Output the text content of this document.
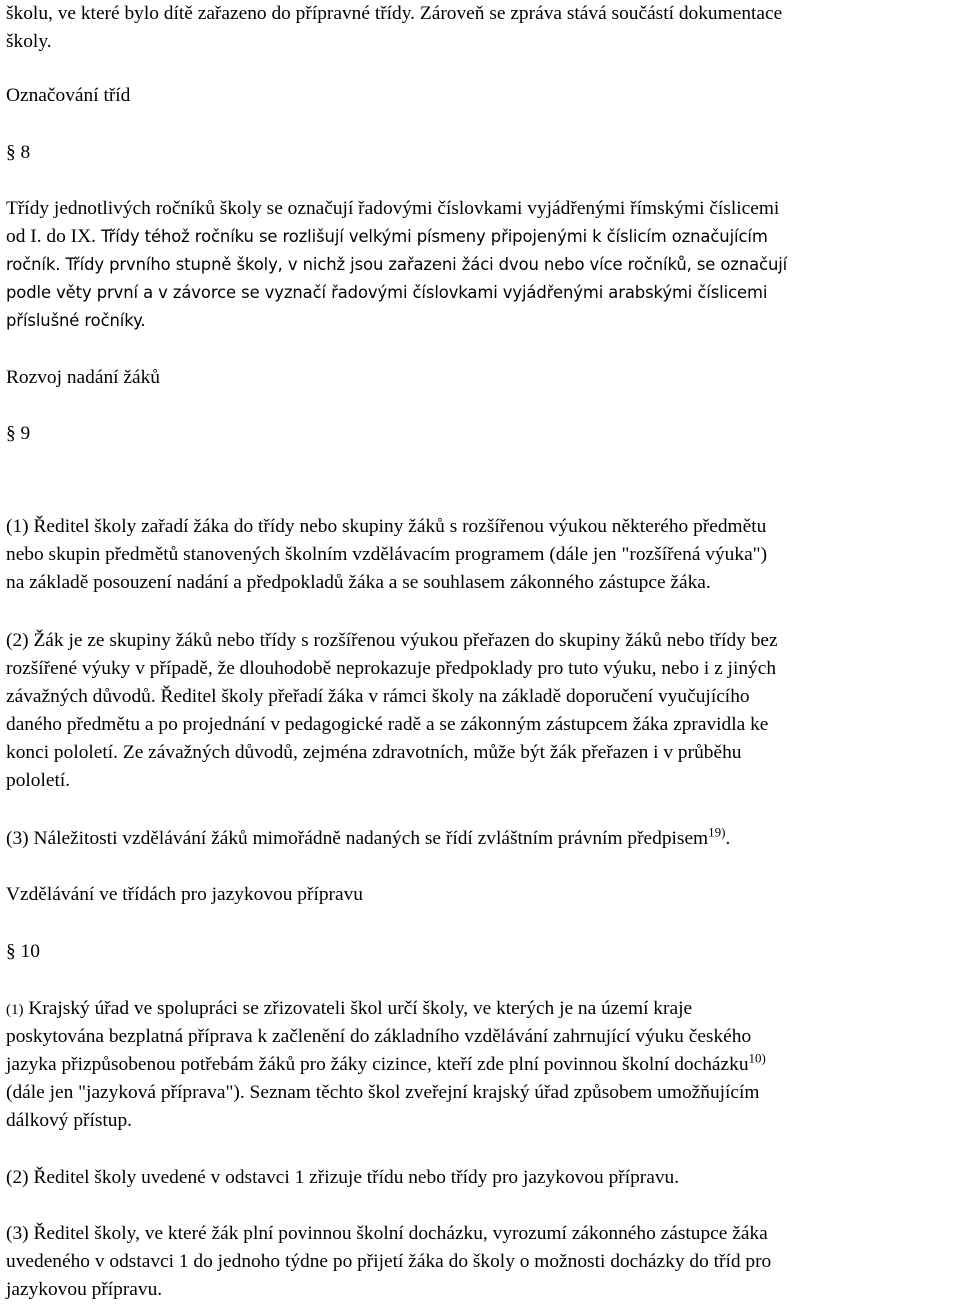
školu, ve které bylo dítě zařazeno do přípravné třídy. Zároveň se zpráva stává součástí dokumentace
školy.
Označování tříd
§ 8
Třídy jednotlivých ročníků školy se označují řadovými číslovkami vyjádřenými římskými číslicemi
od I. do IX. Třídy téhož ročníku se rozlišují velkými písmeny připojenými k číslicím označujícím
ročník. Třídy prvního stupně školy, v nichž jsou zařazeni žáci dvou nebo více ročníků, se označují
podle věty první a v závorce se vyznačí řadovými číslovkami vyjádřenými arabskými číslicemi
příslušné ročníky.
Rozvoj nadání žáků
§ 9
(1) Ředitel školy zařadí žáka do třídy nebo skupiny žáků s rozšířenou výukou některého předmětu
nebo skupin předmětů stanovených školním vzdělávacím programem (dále jen "rozšířená výuka")
na základě posouzení nadání a předpokladů žáka a se souhlasem zákonného zástupce žáka.
(2) Žák je ze skupiny žáků nebo třídy s rozšířenou výukou přeřazen do skupiny žáků nebo třídy bez
rozšířené výuky v případě, že dlouhodobě neprokazuje předpoklady pro tuto výuku, nebo i z jiných
závažných důvodů. Ředitel školy přeřadí žáka v rámci školy na základě doporučení vyučujícího
daného předmětu a po projednání v pedagogické radě a se zákonným zástupcem žáka zpravidla ke
konci pololetí. Ze závažných důvodů, zejména zdravotních, může být žák přeřazen i v průběhu
pololetí.
(3) Náležitosti vzdělávání žáků mimořádně nadaných se řídí zvláštním právním předpisem$^{19)}$.
Vzdělávání ve třídách pro jazykovou přípravu
§ 10
(1) Krajský úřad ve spolupráci se zřizovateli škol určí školy, ve kterých je na území kraje
poskytována bezplatná příprava k začlenění do základního vzdělávání zahrnující výuku českého
jazyka přizpůsobenou potřebám žáků pro žáky cizince, kteří zde plní povinnou školní docházku$^{10)}$
(dále jen "jazyková příprava"). Seznam těchto škol zveřejní krajský úřad způsobem umožňujícím
dálkový přístup.
(2) Ředitel školy uvedené v odstavci 1 zřizuje třídu nebo třídy pro jazykovou přípravu.
(3) Ředitel školy, ve které žák plní povinnou školní docházku, vyrozumí zákonného zástupce žáka
uvedeného v odstavci 1 do jednoho týdne po přijetí žáka do školy o možnosti docházky do tříd pro
jazykovou přípravu.
